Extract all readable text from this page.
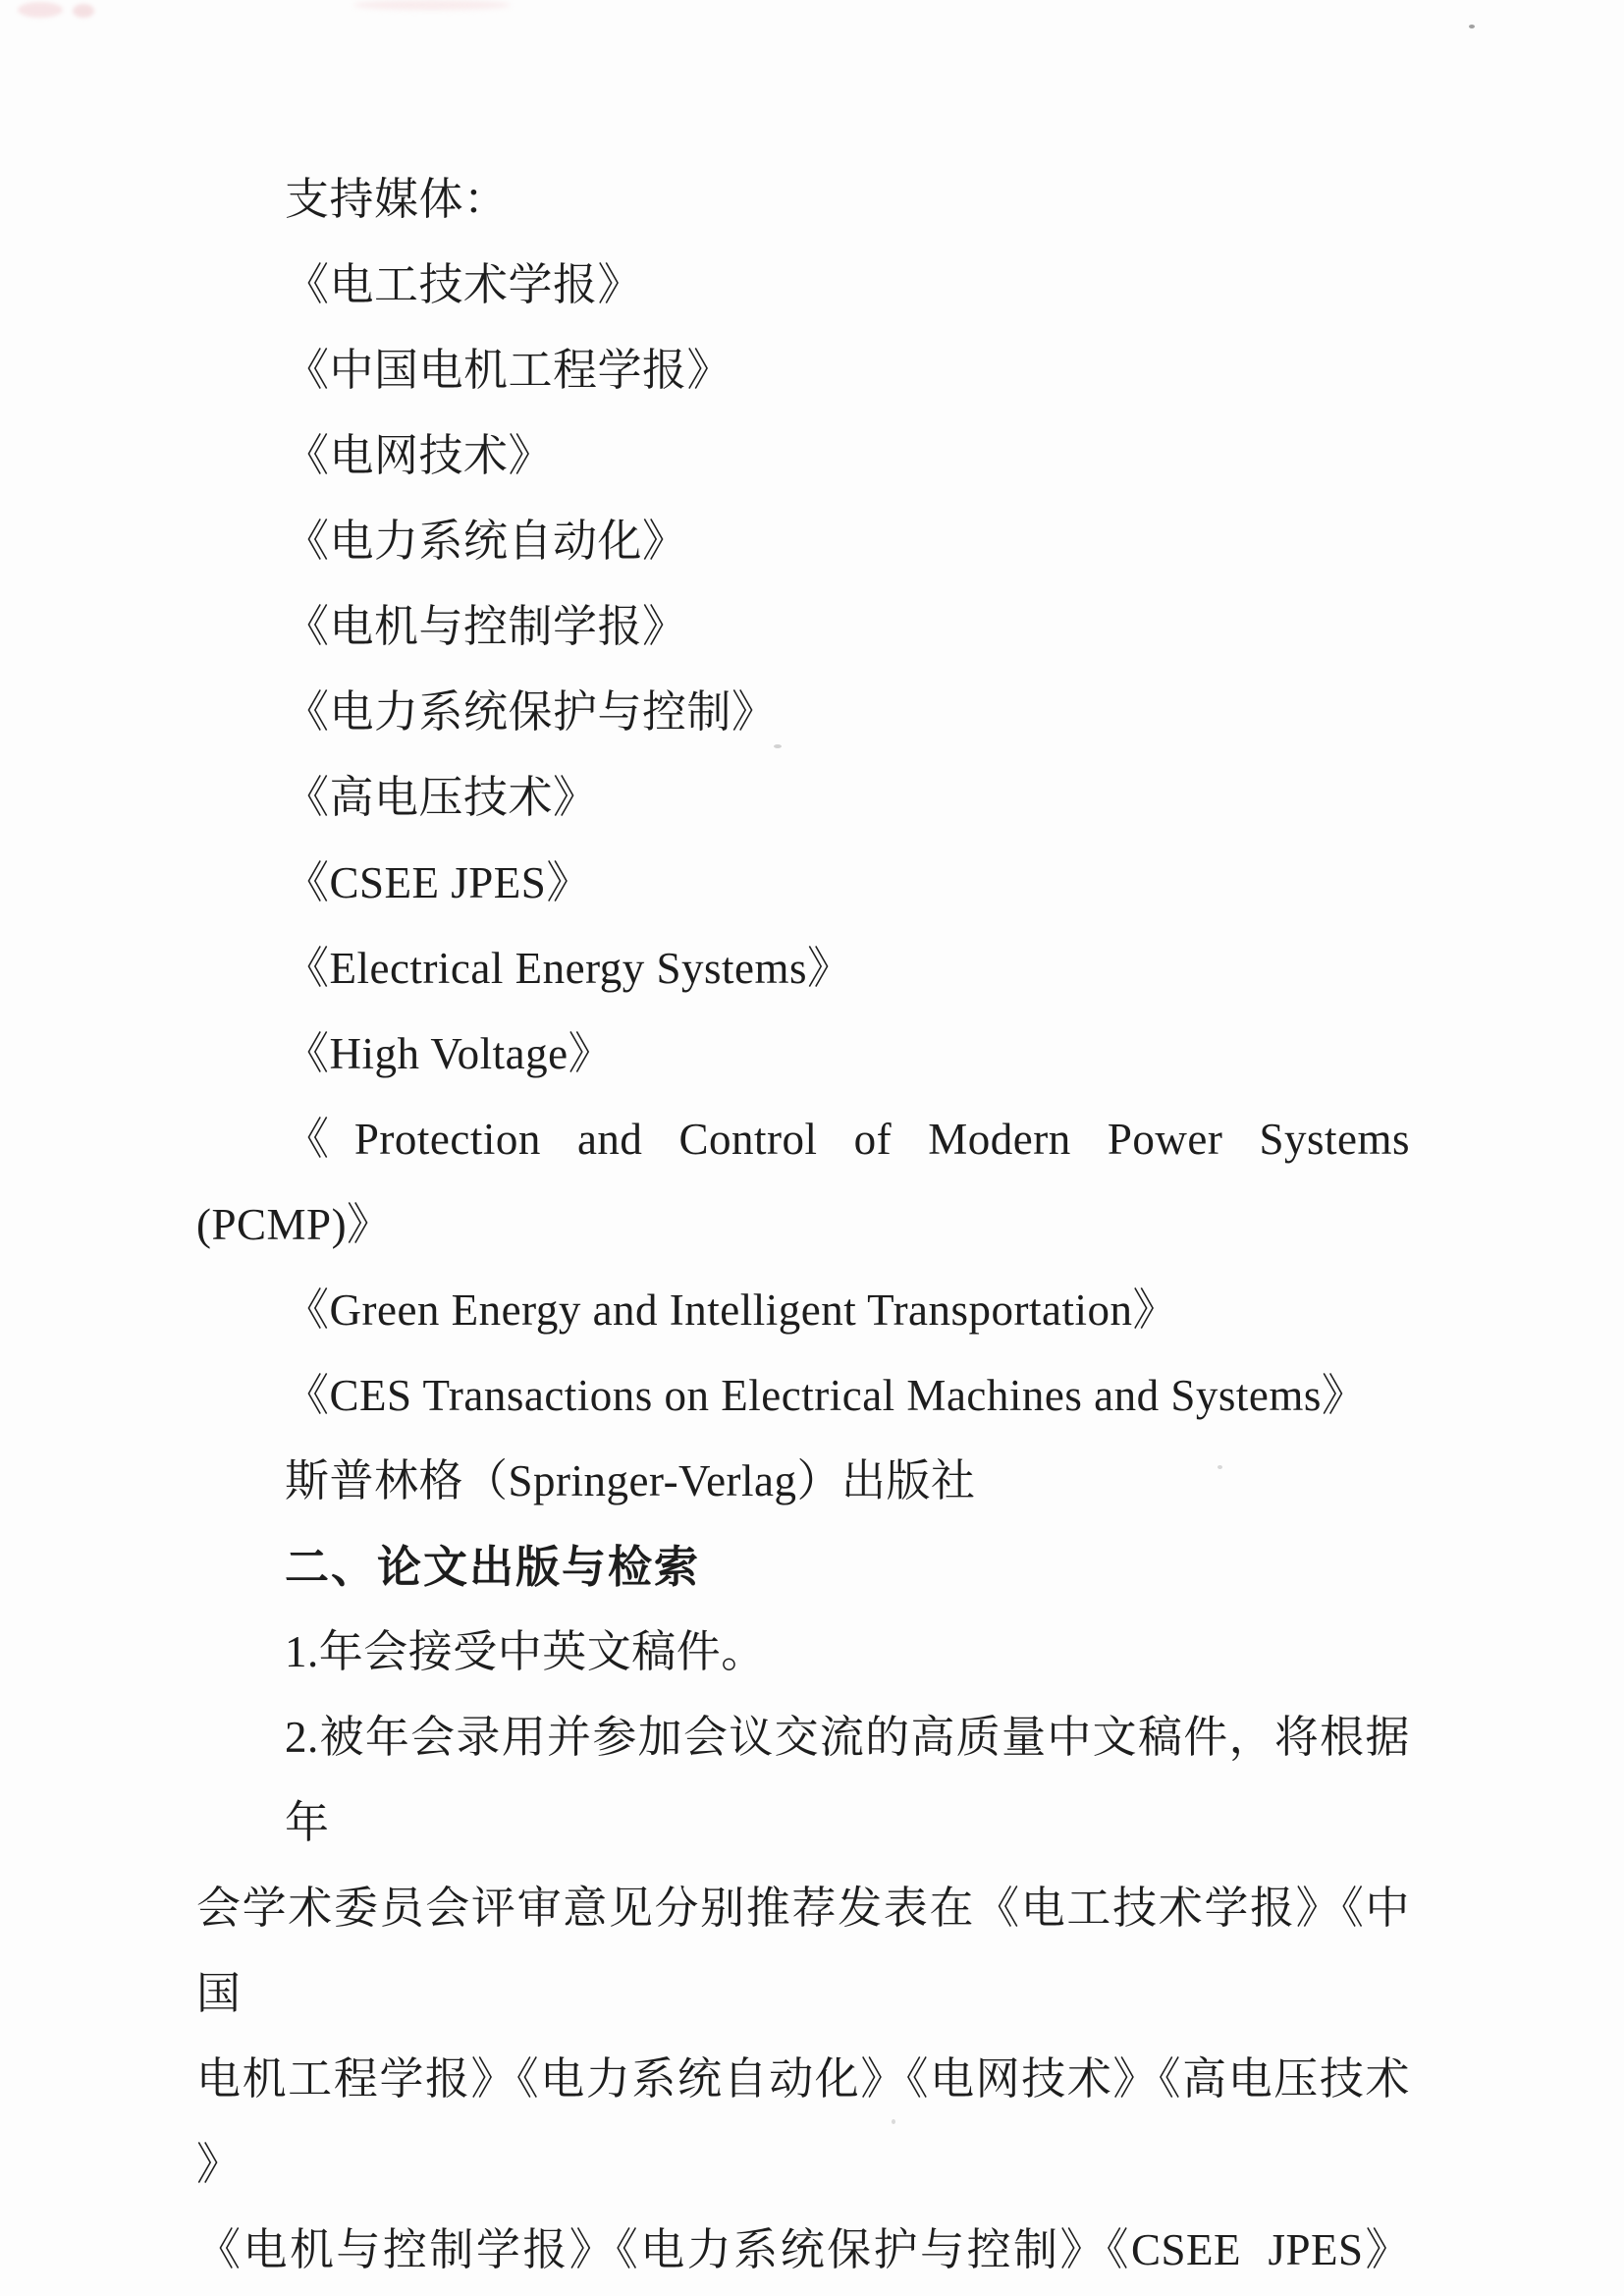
支持媒体：
《电工技术学报》
《中国电机工程学报》
《电网技术》
《电力系统自动化》
《电机与控制学报》
《电力系统保护与控制》
《高电压技术》
《CSEE JPES》
《Electrical Energy Systems》
《High Voltage》
《Protection and Control of Modern Power Systems
(PCMP)》
《Green Energy and Intelligent Transportation》
《CES Transactions on Electrical Machines and Systems》
斯普林格（Springer-Verlag）出版社
二、论文出版与检索
1.年会接受中英文稿件。
2.被年会录用并参加会议交流的高质量中文稿件，将根据年
会学术委员会评审意见分别推荐发表在《电工技术学报》《中国
电机工程学报》《电力系统自动化》《电网技术》《高电压技术 》
《电机与控制学报》《电力系统保护与控制》《CSEE  JPES》
